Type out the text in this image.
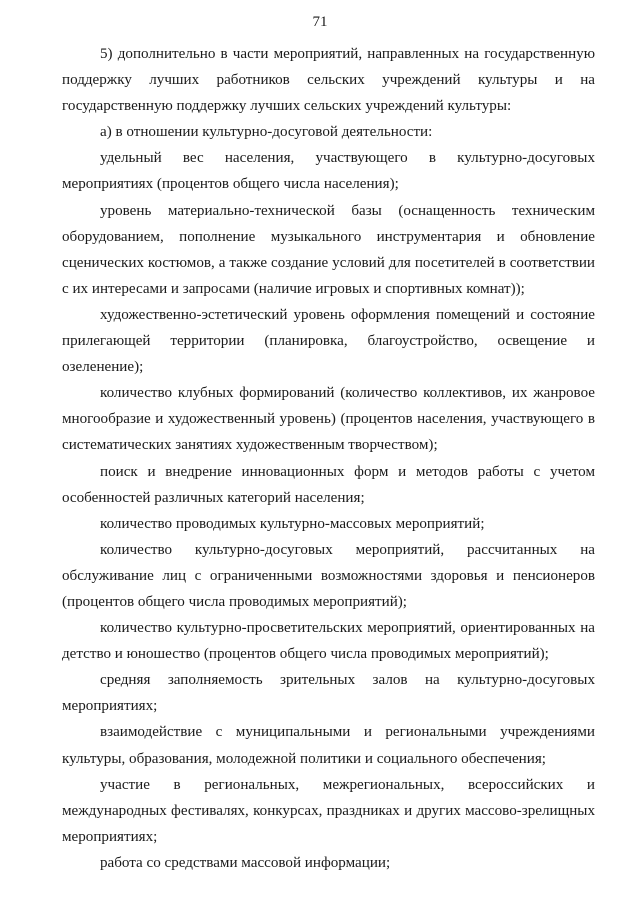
71

5) дополнительно в части мероприятий, направленных на государственную поддержку лучших работников сельских учреждений культуры и на государственную поддержку лучших сельских учреждений культуры:

а) в отношении культурно-досуговой деятельности:

удельный вес населения, участвующего в культурно-досуговых мероприятиях (процентов общего числа населения);

уровень материально-технической базы (оснащенность техническим оборудованием, пополнение музыкального инструментария и обновление сценических костюмов, а также создание условий для посетителей в соответствии с их интересами и запросами (наличие игровых и спортивных комнат));

художественно-эстетический уровень оформления помещений и состояние прилегающей территории (планировка, благоустройство, освещение и озеленение);

количество клубных формирований (количество коллективов, их жанровое многообразие и художественный уровень) (процентов населения, участвующего в систематических занятиях художественным творчеством);

поиск и внедрение инновационных форм и методов работы с учетом особенностей различных категорий населения;

количество проводимых культурно-массовых мероприятий;

количество культурно-досуговых мероприятий, рассчитанных на обслуживание лиц с ограниченными возможностями здоровья и пенсионеров (процентов общего числа проводимых мероприятий);

количество культурно-просветительских мероприятий, ориентированных на детство и юношество (процентов общего числа проводимых мероприятий);

средняя заполняемость зрительных залов на культурно-досуговых мероприятиях;

взаимодействие с муниципальными и региональными учреждениями культуры, образования, молодежной политики и социального обеспечения;

участие в региональных, межрегиональных, всероссийских и международных фестивалях, конкурсах, праздниках и других массово-зрелищных мероприятиях;

работа со средствами массовой информации;
